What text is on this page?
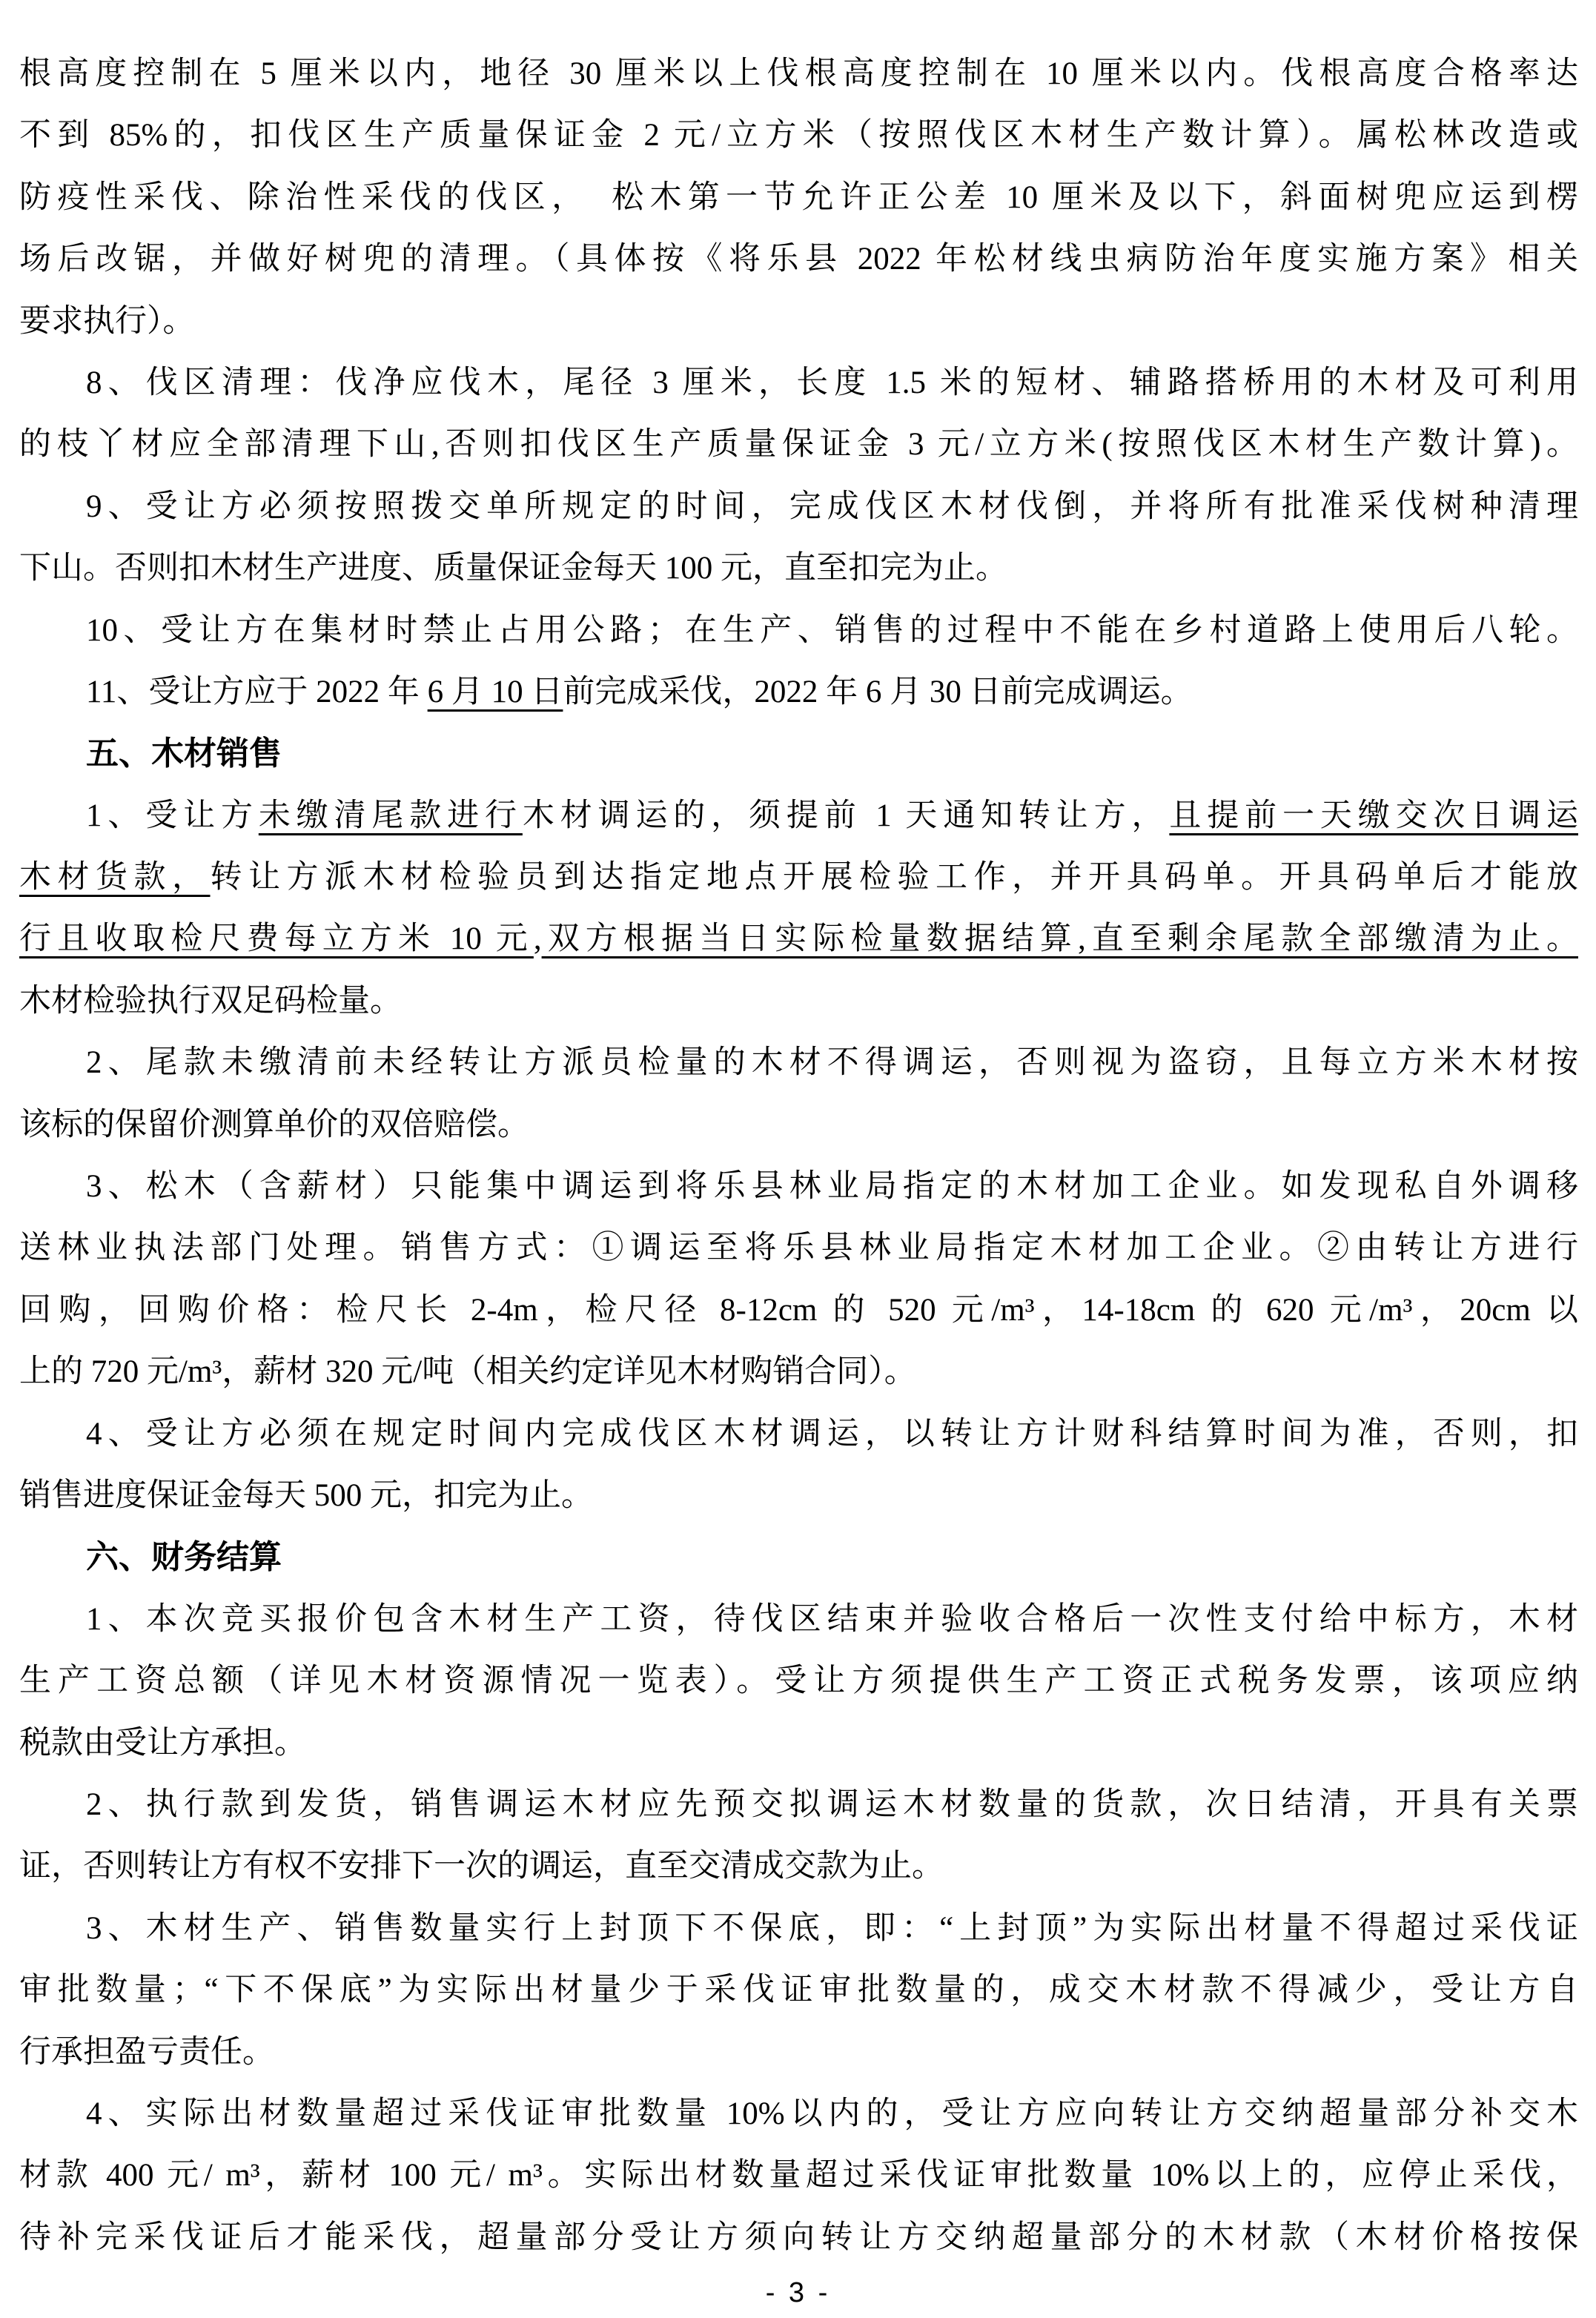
根高度控制在 5 厘米以内，地径 30 厘米以上伐根高度控制在 10 厘米以内。伐根高度合格率达
不到 85%的，扣伐区生产质量保证金 2 元/立方米（按照伐区木材生产数计算）。属松林改造或
防疫性采伐、除治性采伐的伐区，　松木第一节允许正公差 10 厘米及以下，斜面树兜应运到楞
场后改锯，并做好树兜的清理。（具体按《将乐县 2022 年松材线虫病防治年度实施方案》相关
要求执行）。
8、伐区清理：伐净应伐木，尾径 3 厘米，长度 1.5 米的短材、辅路搭桥用的木材及可利用
的枝丫材应全部清理下山,否则扣伐区生产质量保证金 3 元/立方米(按照伐区木材生产数计算)。
9、受让方必须按照拨交单所规定的时间，完成伐区木材伐倒，并将所有批准采伐树种清理
下山。否则扣木材生产进度、质量保证金每天 100 元，直至扣完为止。
10、受让方在集材时禁止占用公路；在生产、销售的过程中不能在乡村道路上使用后八轮。
11、受让方应于 2022 年 6 月 10 日前完成采伐，2022 年 6 月 30 日前完成调运。
五、木材销售
1、受让方未缴清尾款进行木材调运的，须提前 1 天通知转让方，且提前一天缴交次日调运
木材货款，转让方派木材检验员到达指定地点开展检验工作，并开具码单。开具码单后才能放
行且收取检尺费每立方米 10 元,双方根据当日实际检量数据结算,直至剩余尾款全部缴清为止。
木材检验执行双足码检量。
2、尾款未缴清前未经转让方派员检量的木材不得调运，否则视为盗窃，且每立方米木材按
该标的保留价测算单价的双倍赔偿。
3、松木（含薪材）只能集中调运到将乐县林业局指定的木材加工企业。如发现私自外调移
送林业执法部门处理。销售方式：①调运至将乐县林业局指定木材加工企业。②由转让方进行
回购，回购价格：检尺长 2-4m，检尺径 8-12cm 的 520 元/m³，14-18cm 的 620 元/m³，20cm 以
上的 720 元/m³，薪材 320 元/吨（相关约定详见木材购销合同）。
4、受让方必须在规定时间内完成伐区木材调运，以转让方计财科结算时间为准，否则，扣
销售进度保证金每天 500 元，扣完为止。
六、财务结算
1、本次竞买报价包含木材生产工资，待伐区结束并验收合格后一次性支付给中标方，木材
生产工资总额（详见木材资源情况一览表）。受让方须提供生产工资正式税务发票，该项应纳
税款由受让方承担。
2、执行款到发货，销售调运木材应先预交拟调运木材数量的货款，次日结清，开具有关票
证，否则转让方有权不安排下一次的调运，直至交清成交款为止。
3、木材生产、销售数量实行上封顶下不保底，即：“上封顶”为实际出材量不得超过采伐证
审批数量；“下不保底”为实际出材量少于采伐证审批数量的，成交木材款不得减少，受让方自
行承担盈亏责任。
4、实际出材数量超过采伐证审批数量 10%以内的，受让方应向转让方交纳超量部分补交木
材款 400 元/ m³，薪材 100 元/ m³。实际出材数量超过采伐证审批数量 10%以上的，应停止采伐，
待补完采伐证后才能采伐，超量部分受让方须向转让方交纳超量部分的木材款（木材价格按保
- 3 -
